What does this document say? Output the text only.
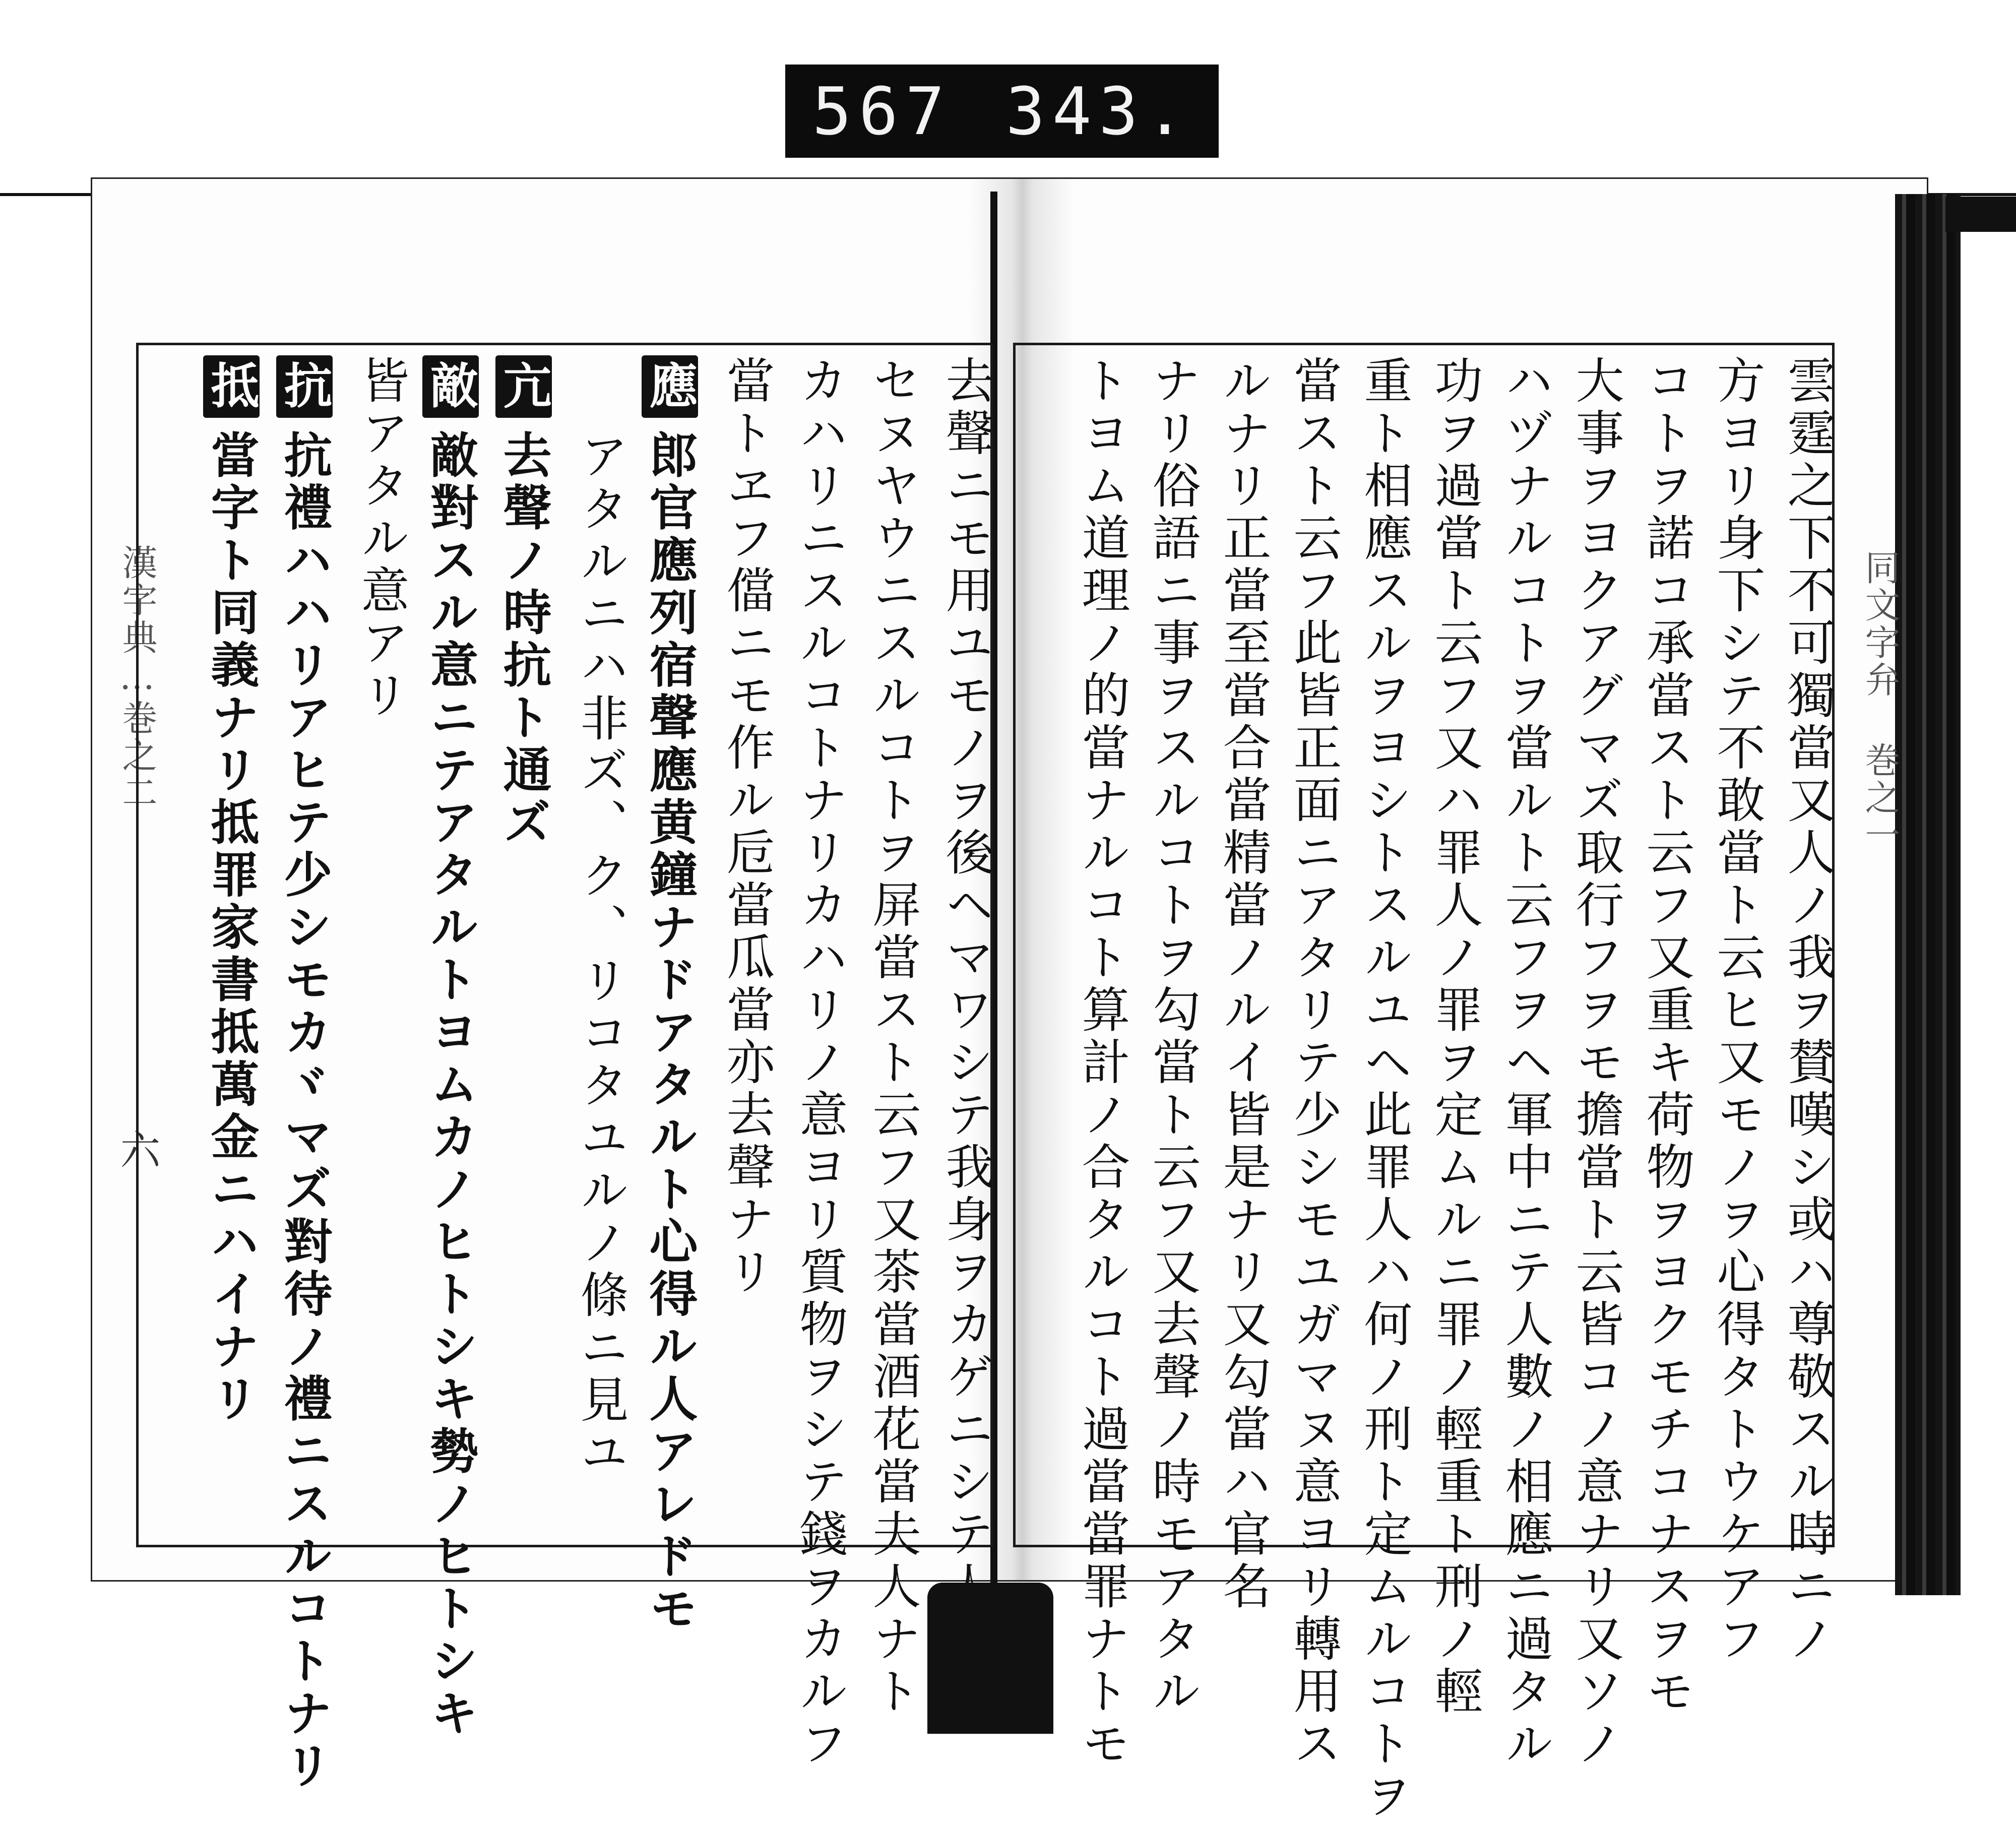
567 343.
漢字典…巻之二
六
同文字弁 巻之一
去聲ニモ用ユモノヲ後ヘマワシテ我身ヲカゲニシテ人ニ見
セヌヤウニスルコトヲ屏當スト云フ又茶當酒花當夫人ナト
カハリニスルコトナリカハリノ意ヨリ質物ヲシテ錢ヲカルフ
當トヱフ儅ニモ作ル卮當瓜當亦去聲ナリ
應郎官應列宿聲應黄鐘ナドアタルト心得ル人アレドモ
アタルニハ非ズ、ク、リコタユルノ條ニ見ユ
亢去聲ノ時抗ト通ズ
敵敵對スル意ニテアタルトヨムカノヒトシキ勢ノヒトシキ
皆アタル意アリ
抗抗禮ハハリアヒテ少シモカヾマズ對待ノ禮ニスルコトナリ
抵當字ト同義ナリ抵罪家書抵萬金ニハイナリ	雲霆之下不可獨當又人ノ我ヲ賛嘆シ或ハ尊敬スル時ニノ
方ヨリ身下シテ不敢當ト云ヒ又モノヲ心得タトウケアフ
コトヲ諾コ承當スト云フ又重キ荷物ヲヨクモチコナスヲモ
大事ヲヨクアグマズ取行フヲモ擔當ト云皆コノ意ナリ又ソノ
ハヅナルコトヲ當ルト云フヲヘ軍中ニテ人數ノ相應ニ過タル
功ヲ過當ト云フ又ハ罪人ノ罪ヲ定ムルニ罪ノ輕重ト刑ノ輕
重ト相應スルヲヨシトスルユヘ此罪人ハ何ノ刑ト定ムルコトヲ
當スト云フ此皆正面ニアタリテ少シモユガマヌ意ヨリ轉用ス
ルナリ正當至當合當精當ノルイ皆是ナリ又勾當ハ官名
ナリ俗語ニ事ヲスルコトヲ勾當ト云フ又去聲ノ時モアタル
トヨム道理ノ的當ナルコト算計ノ合タルコト過當當罪ナトモ
